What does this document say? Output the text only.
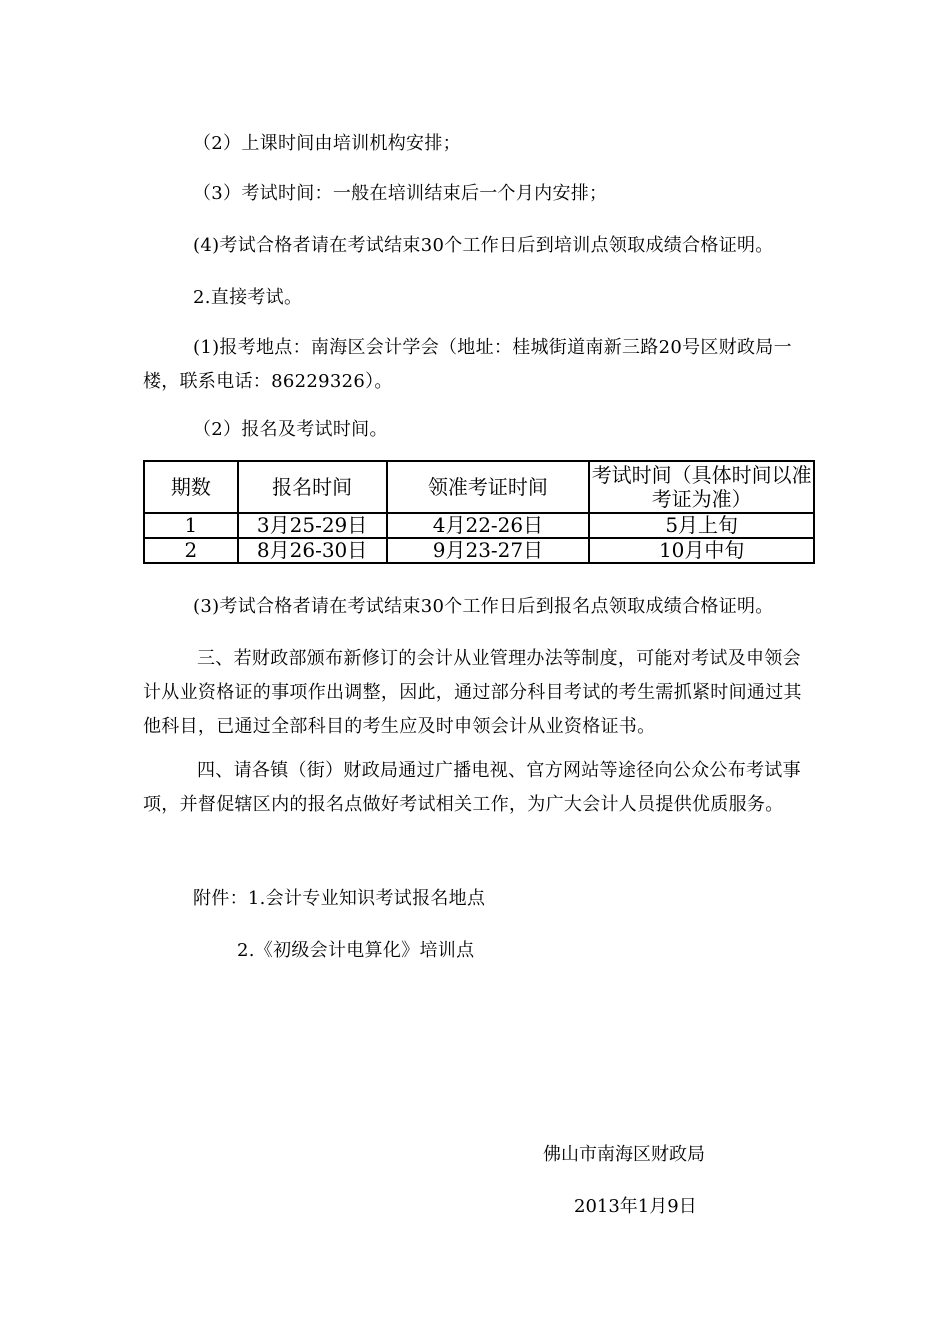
（2）上课时间由培训机构安排；
（3）考试时间：一般在培训结束后一个月内安排；
(4)考试合格者请在考试结束30个工作日后到培训点领取成绩合格证明。
2.直接考试。
(1)报考地点：南海区会计学会（地址：桂城街道南新三路20号区财政局一楼，联系电话：86229326）。
（2）报名及考试时间。
期数	报名时间	领准考证时间	考试时间（具体时间以准考证为准）
1	3月25-29日	4月22-26日	5月上旬
2	8月26-30日	9月23-27日	10月中旬
(3)考试合格者请在考试结束30个工作日后到报名点领取成绩合格证明。
三、若财政部颁布新修订的会计从业管理办法等制度，可能对考试及申领会计从业资格证的事项作出调整，因此，通过部分科目考试的考生需抓紧时间通过其他科目，已通过全部科目的考生应及时申领会计从业资格证书。
四、请各镇（街）财政局通过广播电视、官方网站等途径向公众公布考试事项，并督促辖区内的报名点做好考试相关工作，为广大会计人员提供优质服务。
附件：1.会计专业知识考试报名地点
2.《初级会计电算化》培训点
佛山市南海区财政局
2013年1月9日
